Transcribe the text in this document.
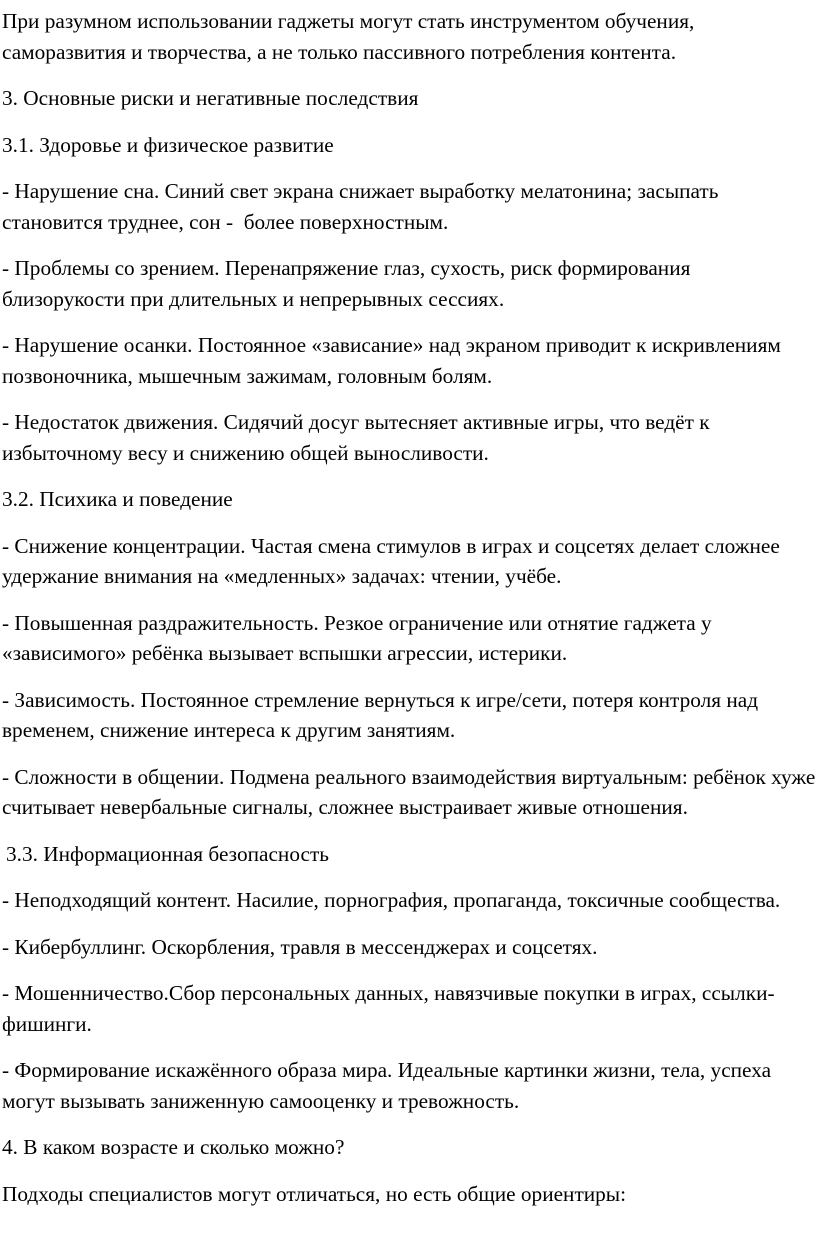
При разумном использовании гаджеты могут стать инструментом обучения, саморазвития и творчества, а не только пассивного потребления контента.

3. Основные риски и негативные последствия

3.1. Здоровье и физическое развитие

- Нарушение сна. Синий свет экрана снижает выработку мелатонина; засыпать становится труднее, сон -  более поверхностным.

- Проблемы со зрением. Перенапряжение глаз, сухость, риск формирования близорукости при длительных и непрерывных сессиях.

- Нарушение осанки. Постоянное «зависание» над экраном приводит к искривлениям позвоночника, мышечным зажимам, головным болям.

- Недостаток движения. Сидячий досуг вытесняет активные игры, что ведёт к избыточному весу и снижению общей выносливости.

3.2. Психика и поведение

- Снижение концентрации. Частая смена стимулов в играх и соцсетях делает сложнее удержание внимания на «медленных» задачах: чтении, учёбе.

- Повышенная раздражительность. Резкое ограничение или отнятие гаджета у «зависимого» ребёнка вызывает вспышки агрессии, истерики.

- Зависимость. Постоянное стремление вернуться к игре/сети, потеря контроля над временем, снижение интереса к другим занятиям.

- Сложности в общении. Подмена реального взаимодействия виртуальным: ребёнок хуже считывает невербальные сигналы, сложнее выстраивает живые отношения.

3.3. Информационная безопасность

- Неподходящий контент. Насилие, порнография, пропаганда, токсичные сообщества.

- Кибербуллинг. Оскорбления, травля в мессенджерах и соцсетях.

- Мошенничество.Сбор персональных данных, навязчивые покупки в играх, ссылки-фишинги.

- Формирование искажённого образа мира. Идеальные картинки жизни, тела, успеха могут вызывать заниженную самооценку и тревожность.

4. В каком возрасте и сколько можно?

Подходы специалистов могут отличаться, но есть общие ориентиры:
